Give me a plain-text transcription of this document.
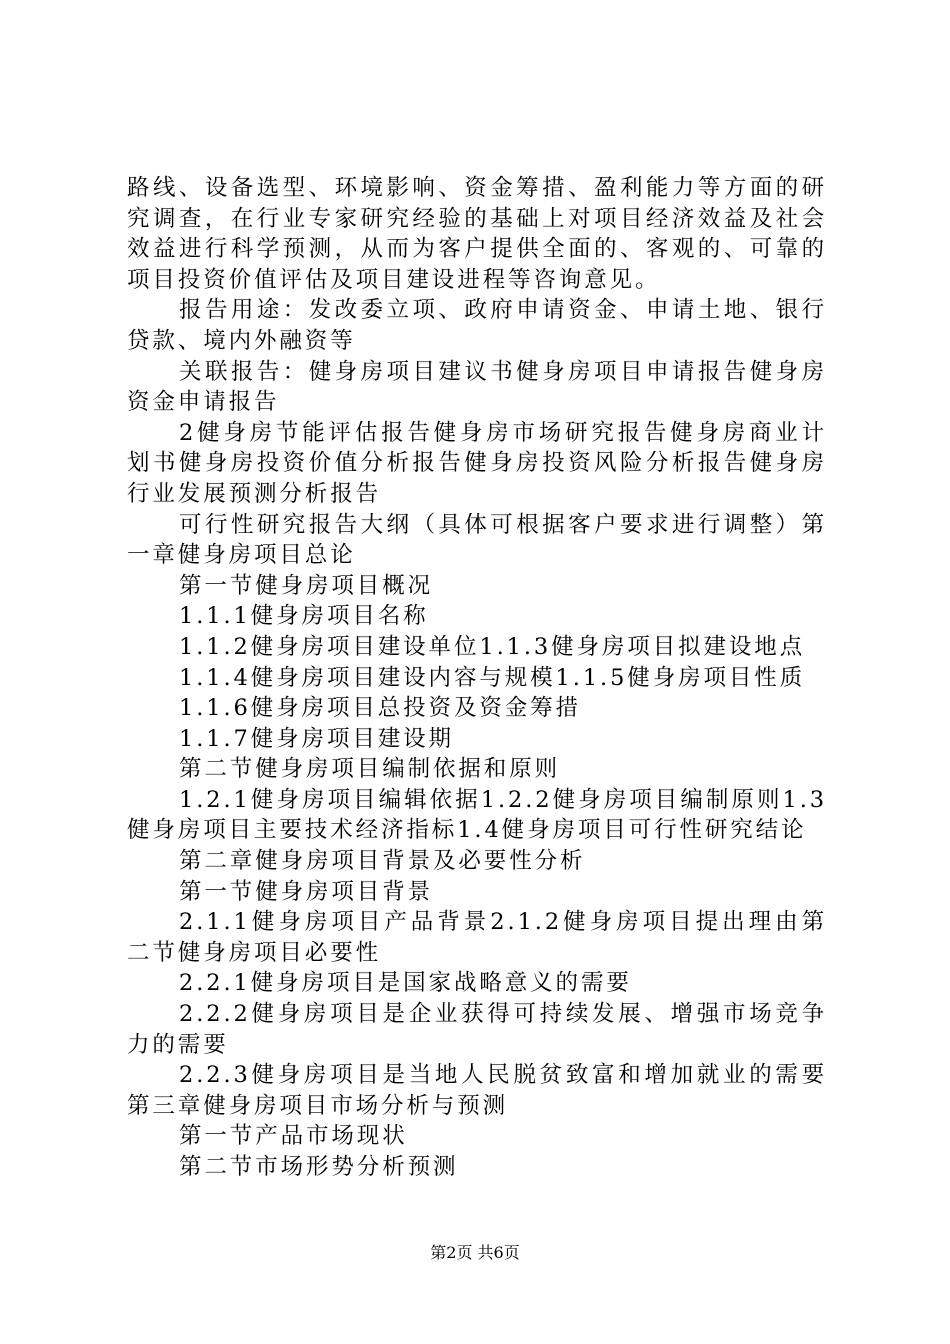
路线、设备选型、环境影响、资金筹措、盈利能力等方面的研究调查，在行业专家研究经验的基础上对项目经济效益及社会效益进行科学预测，从而为客户提供全面的、客观的、可靠的项目投资价值评估及项目建设进程等咨询意见。

报告用途：发改委立项、政府申请资金、申请土地、银行贷款、境内外融资等

关联报告：健身房项目建议书健身房项目申请报告健身房资金申请报告

2健身房节能评估报告健身房市场研究报告健身房商业计划书健身房投资价值分析报告健身房投资风险分析报告健身房行业发展预测分析报告

可行性研究报告大纲（具体可根据客户要求进行调整）第一章健身房项目总论

第一节健身房项目概况

1.1.1健身房项目名称

1.1.2健身房项目建设单位1.1.3健身房项目拟建设地点

1.1.4健身房项目建设内容与规模1.1.5健身房项目性质

1.1.6健身房项目总投资及资金筹措

1.1.7健身房项目建设期

第二节健身房项目编制依据和原则

1.2.1健身房项目编辑依据1.2.2健身房项目编制原则1.3健身房项目主要技术经济指标1.4健身房项目可行性研究结论

第二章健身房项目背景及必要性分析

第一节健身房项目背景

2.1.1健身房项目产品背景2.1.2健身房项目提出理由第二节健身房项目必要性

2.2.1健身房项目是国家战略意义的需要

2.2.2健身房项目是企业获得可持续发展、增强市场竞争力的需要

2.2.3健身房项目是当地人民脱贫致富和增加就业的需要第三章健身房项目市场分析与预测

第一节产品市场现状

第二节市场形势分析预测

第2页 共6页
